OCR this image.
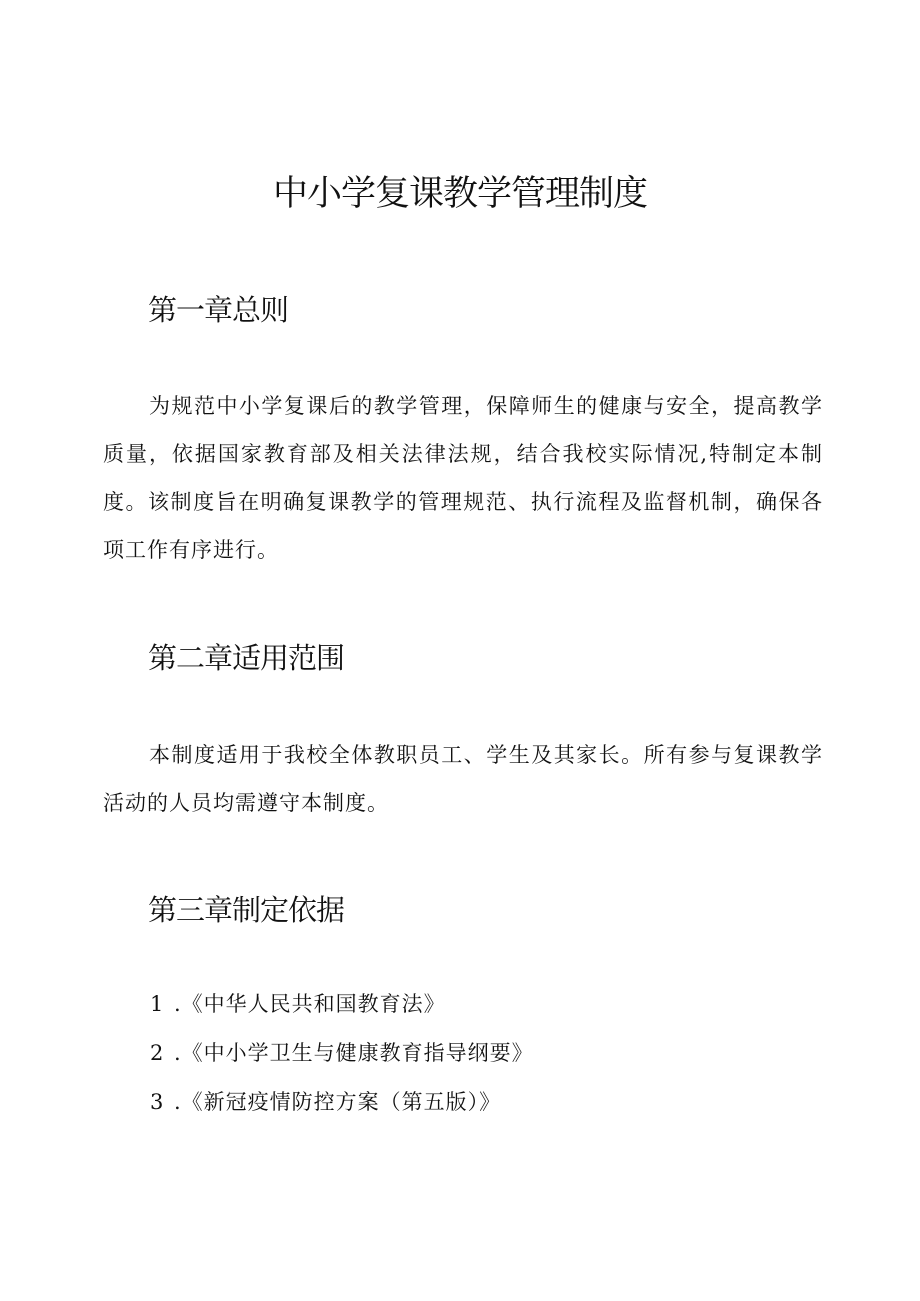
中小学复课教学管理制度
第一章总则

为规范中小学复课后的教学管理，保障师生的健康与安全，提高教学质量，依据国家教育部及相关法律法规，结合我校实际情况,特制定本制度。该制度旨在明确复课教学的管理规范、执行流程及监督机制，确保各项工作有序进行。

第二章适用范围

本制度适用于我校全体教职员工、学生及其家长。所有参与复课教学活动的人员均需遵守本制度。

第三章制定依据
1 .《中华人民共和国教育法》
2 .《中小学卫生与健康教育指导纲要》
3 .《新冠疫情防控方案（第五版）》
